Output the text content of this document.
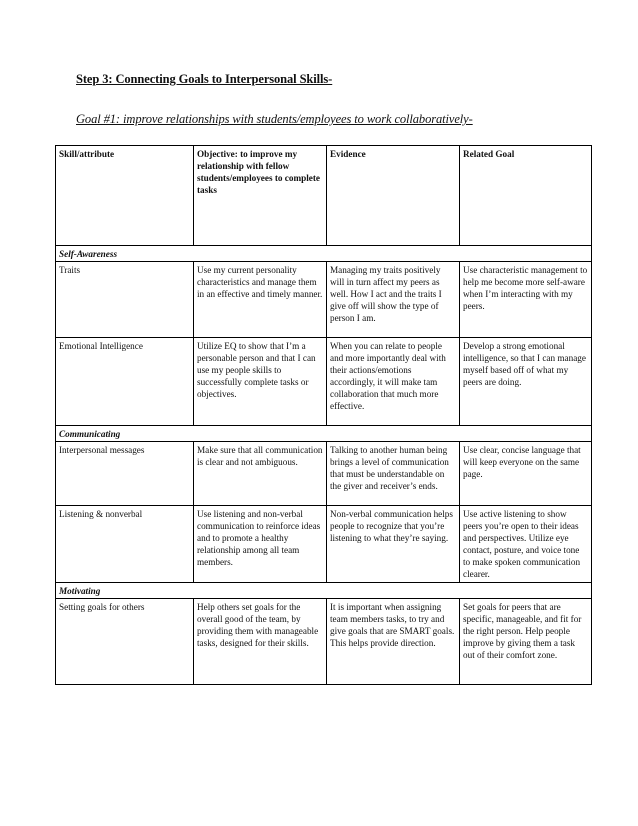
Step 3: Connecting Goals to Interpersonal Skills-
Goal #1: improve relationships with students/employees to work collaboratively-
Skill/attribute	Objective: to improve my relationship with fellow students/employees to complete tasks	Evidence	Related Goal
Self-Awareness			
Traits	Use my current personality characteristics and manage them in an effective and timely manner.	Managing my traits positively will in turn affect my peers as well. How I act and the traits I give off will show the type of person I am.	Use characteristic management to help me become more self-aware when I’m interacting with my peers.
Emotional Intelligence	Utilize EQ to show that I’m a personable person and that I can use my people skills to successfully complete tasks or objectives.	When you can relate to people and more importantly deal with their actions/emotions accordingly, it will make tam collaboration that much more effective.	Develop a strong emotional intelligence, so that I can manage myself based off of what my peers are doing.
Communicating			
Interpersonal messages	Make sure that all communication is clear and not ambiguous.	Talking to another human being brings a level of communication that must be understandable on the giver and receiver’s ends.	Use clear, concise language that will keep everyone on the same page.
Listening & nonverbal	Use listening and non-verbal communication to reinforce ideas and to promote a healthy relationship among all team members.	Non-verbal communication helps people to recognize that you’re listening to what they’re saying.	Use active listening to show peers you’re open to their ideas and perspectives. Utilize eye contact, posture, and voice tone to make spoken communication clearer.
Motivating			
Setting goals for others	Help others set goals for the overall good of the team, by providing them with manageable tasks, designed for their skills.	It is important when assigning team members tasks, to try and give goals that are SMART goals. This helps provide direction.	Set goals for peers that are specific, manageable, and fit for the right person. Help people improve by giving them a task out of their comfort zone.
